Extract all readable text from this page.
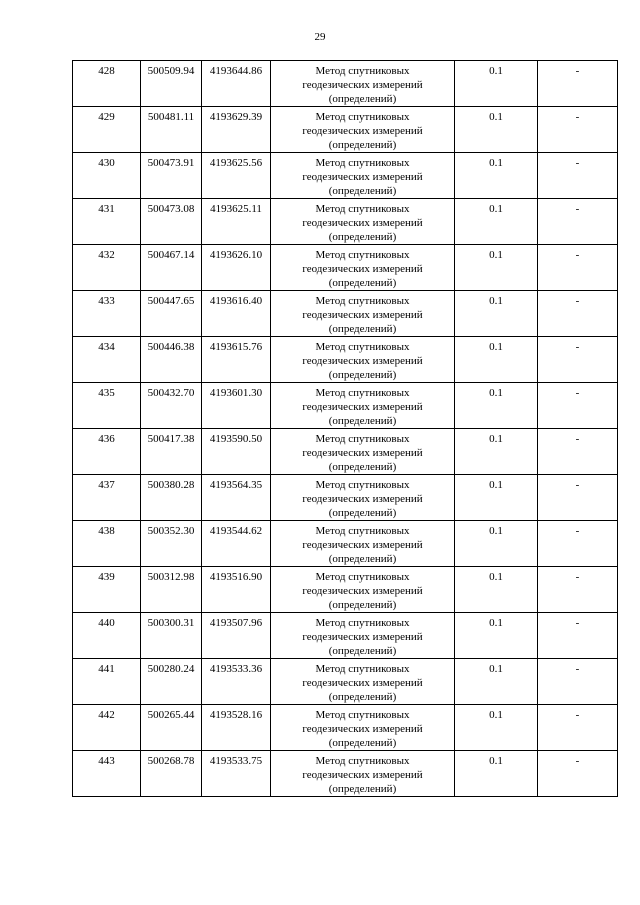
29
428	500509.94	4193644.86	Метод спутниковых
геодезических измерений
(определений)	0.1	-
429	500481.11	4193629.39	Метод спутниковых
геодезических измерений
(определений)	0.1	-
430	500473.91	4193625.56	Метод спутниковых
геодезических измерений
(определений)	0.1	-
431	500473.08	4193625.11	Метод спутниковых
геодезических измерений
(определений)	0.1	-
432	500467.14	4193626.10	Метод спутниковых
геодезических измерений
(определений)	0.1	-
433	500447.65	4193616.40	Метод спутниковых
геодезических измерений
(определений)	0.1	-
434	500446.38	4193615.76	Метод спутниковых
геодезических измерений
(определений)	0.1	-
435	500432.70	4193601.30	Метод спутниковых
геодезических измерений
(определений)	0.1	-
436	500417.38	4193590.50	Метод спутниковых
геодезических измерений
(определений)	0.1	-
437	500380.28	4193564.35	Метод спутниковых
геодезических измерений
(определений)	0.1	-
438	500352.30	4193544.62	Метод спутниковых
геодезических измерений
(определений)	0.1	-
439	500312.98	4193516.90	Метод спутниковых
геодезических измерений
(определений)	0.1	-
440	500300.31	4193507.96	Метод спутниковых
геодезических измерений
(определений)	0.1	-
441	500280.24	4193533.36	Метод спутниковых
геодезических измерений
(определений)	0.1	-
442	500265.44	4193528.16	Метод спутниковых
геодезических измерений
(определений)	0.1	-
443	500268.78	4193533.75	Метод спутниковых
геодезических измерений
(определений)	0.1	-
